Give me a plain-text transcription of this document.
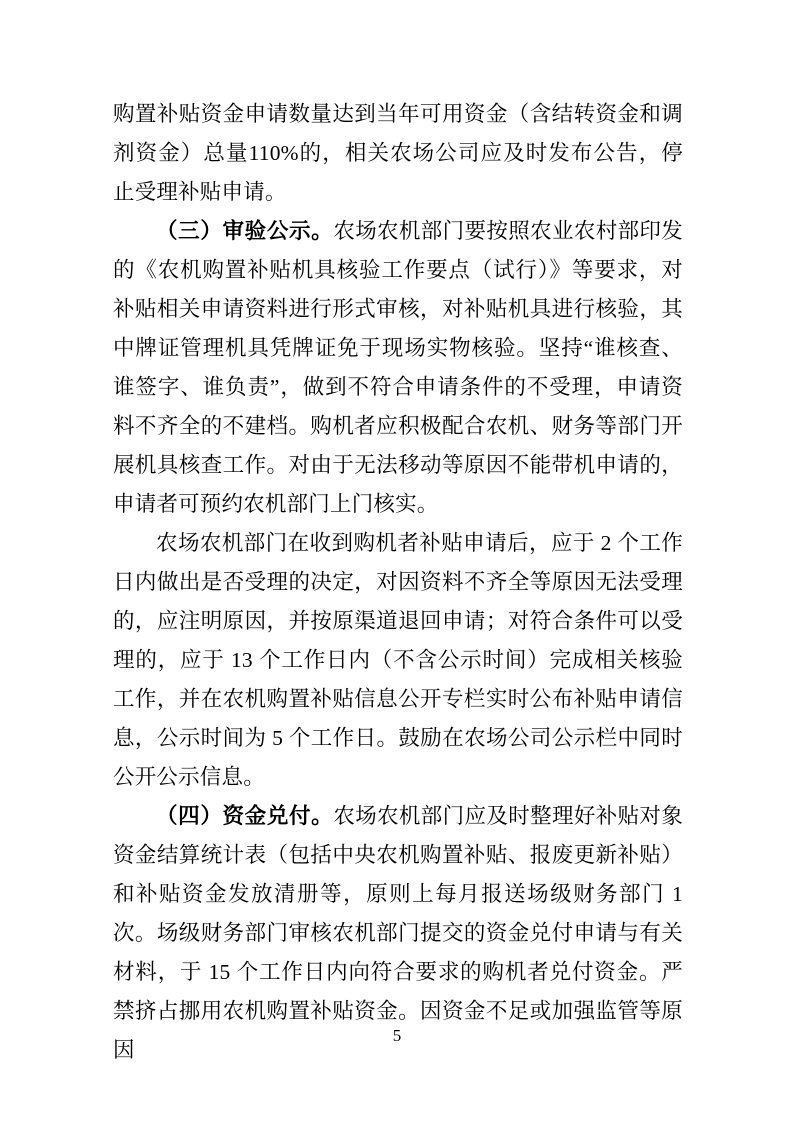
购置补贴资金申请数量达到当年可用资金（含结转资金和调剂资金）总量110%的，相关农场公司应及时发布公告，停止受理补贴申请。

（三）审验公示。农场农机部门要按照农业农村部印发的《农机购置补贴机具核验工作要点（试行）》等要求，对补贴相关申请资料进行形式审核，对补贴机具进行核验，其中牌证管理机具凭牌证免于现场实物核验。坚持“谁核查、谁签字、谁负责”，做到不符合申请条件的不受理，申请资料不齐全的不建档。购机者应积极配合农机、财务等部门开展机具核查工作。对由于无法移动等原因不能带机申请的，申请者可预约农机部门上门核实。

农场农机部门在收到购机者补贴申请后，应于 2 个工作日内做出是否受理的决定，对因资料不齐全等原因无法受理的，应注明原因，并按原渠道退回申请；对符合条件可以受理的，应于 13 个工作日内（不含公示时间）完成相关核验工作，并在农机购置补贴信息公开专栏实时公布补贴申请信息，公示时间为 5 个工作日。鼓励在农场公司公示栏中同时公开公示信息。

（四）资金兑付。农场农机部门应及时整理好补贴对象资金结算统计表（包括中央农机购置补贴、报废更新补贴）和补贴资金发放清册等，原则上每月报送场级财务部门 1 次。场级财务部门审核农机部门提交的资金兑付申请与有关材料，于 15 个工作日内向符合要求的购机者兑付资金。严禁挤占挪用农机购置补贴资金。因资金不足或加强监管等原因

5
